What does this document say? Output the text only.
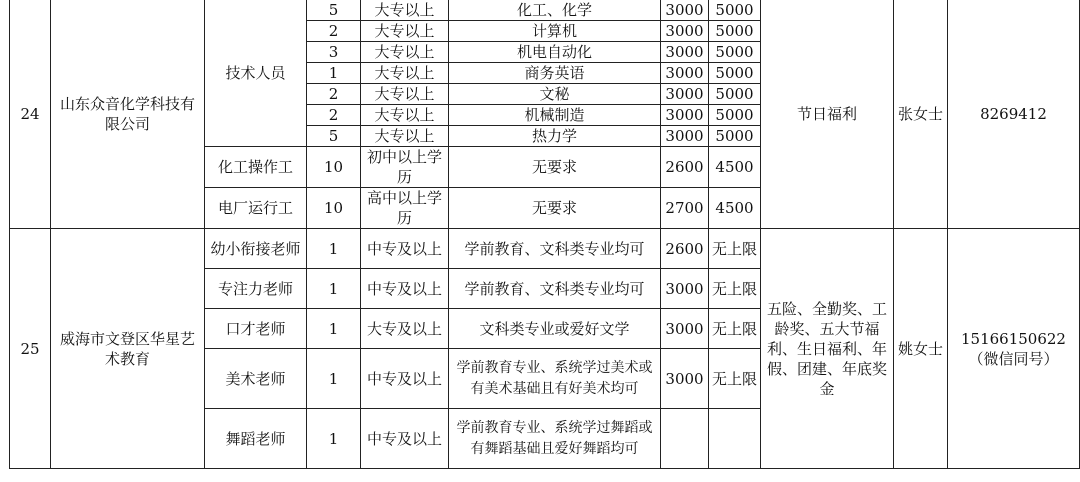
24	山东众音化学科技有限公司	技术人员	5	大专以上	化工、化学	3000	5000	节日福利	张女士	8269412
			2	大专以上	计算机	3000	5000			
			3	大专以上	机电自动化	3000	5000			
			1	大专以上	商务英语	3000	5000			
			2	大专以上	文秘	3000	5000			
			2	大专以上	机械制造	3000	5000			
			5	大专以上	热力学	3000	5000			
		化工操作工	10	初中以上学历	无要求	2600	4500			
		电厂运行工	10	高中以上学历	无要求	2700	4500			
25	威海市文登区华星艺术教育	幼小衔接老师	1	中专及以上	学前教育、文科类专业均可	2600	无上限	五险、全勤奖、工龄奖、五大节福利、生日福利、年假、团建、年底奖金	姚女士	15166150622（微信同号）
		专注力老师	1	中专及以上	学前教育、文科类专业均可	3000	无上限			
		口才老师	1	大专及以上	文科类专业或爱好文学	3000	无上限			
		美术老师	1	中专及以上	学前教育专业、系统学过美术或有美术基础且有好美术均可	3000	无上限			
		舞蹈老师	1	中专及以上	学前教育专业、系统学过舞蹈或有舞蹈基础且爱好舞蹈均可					
